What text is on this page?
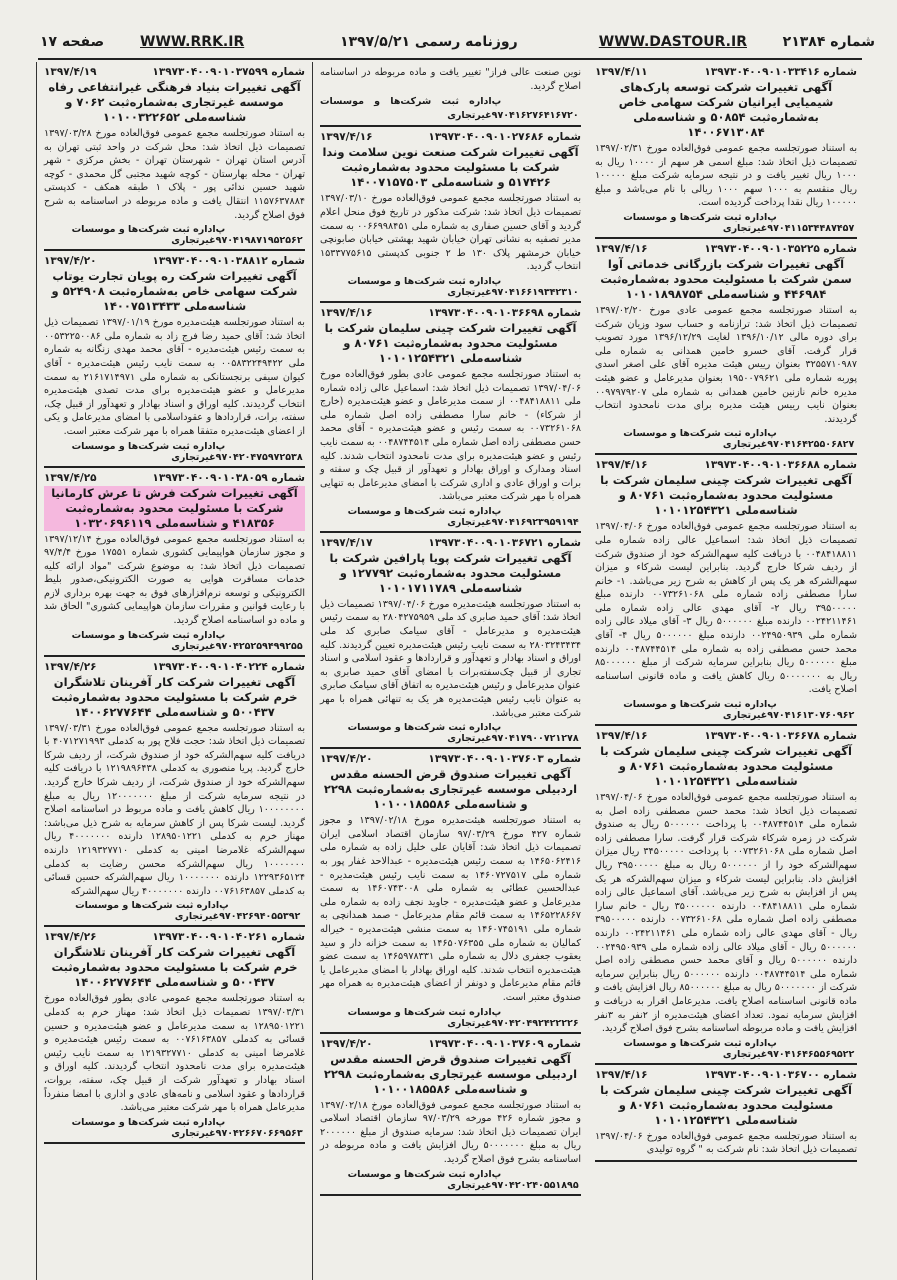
شماره ۲۱۳۸۴
WWW.DASTOUR.IR
روزنامه رسمی ۱۳۹۷/۵/۲۱
WWW.RRK.IR
صفحه ۱۷
شماره ۱۳۹۷۳۰۴۰۰۹۰۱۰۳۳۴۱۶
۱۳۹۷/۴/۱۱
آگهی تغییرات شرکت توسعه پارک‌های شیمیایی ایرانیان شرکت سهامی خاص به‌شماره‌ثبت ۵۰۸۵۴ و شناسه‌ملی ۱۴۰۰۶۷۱۳۰۸۴
به استناد صورتجلسه مجمع عمومی فوق‌العاده مورخ ۱۳۹۷/۰۲/۳۱ تصمیمات ذیل اتخاذ شد: مبلغ اسمی هر سهم از ۱۰۰۰۰ ریال به ۱۰۰۰ ریال تغییر یافت و در نتیجه سرمایه شرکت مبلغ ۱۰۰۰۰۰ ریال منقسم به ۱۰۰۰ سهم ۱۰۰۰ ریالی با نام می‌باشد و مبلغ ۱۰۰۰۰۰ ریال نقدا پرداخت گردیده است.
پ ۹۷۰۴۱۱۵۳۴۴۸۷۴۵۷
اداره ثبت شرکت‌ها و موسسات غیرتجاری
شماره ۱۳۹۷۳۰۴۰۰۹۰۱۰۳۵۲۲۵
۱۳۹۷/۴/۱۶
آگهی تغییرات شرکت بازرگانی خدماتی آوا سمن شرکت با مسئولیت محدود به‌شماره‌ثبت ۴۴۶۹۸۴ و شناسه‌ملی ۱۰۱۰۱۸۹۸۷۵۴
به استناد صورتجلسه مجمع عمومی عادی مورخ ۱۳۹۷/۰۲/۲۰ تصمیمات ذیل اتخاذ شد: ترازنامه و حساب سود وزیان شرکت برای دوره مالی ۱۳۹۶/۱۰/۱۲ لغایت ۱۳۹۶/۱۲/۲۹ مورد تصویب قرار گرفت. آقای خسرو خامین همدانی به شماره ملی ۳۲۵۵۷۱۰۹۸۷ بعنوان رییس هیئت مدیره آقای علی اصغر اسدی پوربه شماره ملی ۱۹۵۰۰۷۹۶۲۱ بعنوان مدیرعامل و عضو هیئت مدیره خانم نازنین خامین همدانی به شماره ملی ۰۰۹۷۹۷۹۲۰۷ بعنوان نایب رییس هیئت مدیره برای مدت نامحدود انتخاب گردیدند.
پ ۹۷۰۴۱۶۴۲۵۵۰۶۸۲۷
اداره ثبت شرکت‌ها و موسسات غیرتجاری
شماره ۱۳۹۷۳۰۴۰۰۹۰۱۰۳۶۶۸۸
۱۳۹۷/۴/۱۶
آگهی تغییرات شرکت چینی سلیمان شرکت با مسئولیت محدود به‌شماره‌ثبت ۸۰۷۶۱ و شناسه‌ملی ۱۰۱۰۱۲۵۴۳۲۱
به استناد صورتجلسه مجمع عمومی فوق‌العاده مورخ ۱۳۹۷/۰۴/۰۶ تصمیمات ذیل اتخاذ شد: اسماعیل عالی زاده شماره ملی ۰۰۴۸۴۱۸۸۱۱ با دریافت کلیه سهم‌الشرکه خود از صندوق شرکت از ردیف شرکا خارج گردید. بنابراین لیست شرکاء و میزان سهم‌الشرکه هر یک پس از کاهش به شرح زیر می‌باشد. ۱- خانم سارا مصطفی زاده شماره ملی ۰۰۷۳۲۶۱۰۶۸ دارنده مبلغ ۳۹۵۰۰۰۰۰ ریال ۲- آقای مهدی عالی زاده شماره ملی ۰۰۲۴۲۱۱۴۶۱ دارنده مبلغ ۵۰۰۰۰۰۰ ریال ۳- آقای میلاد عالی زاده شماره ملی ۰۰۲۴۹۵۰۹۳۹ دارنده مبلغ ۵۰۰۰۰۰۰ ریال ۴- آقای محمد حسن مصطفی زاده به شماره ملی ۰۰۴۸۷۴۴۵۱۴ دارنده مبلغ ۵۰۰۰۰۰۰ ریال بنابراین سرمایه شرکت از مبلغ ۸۵۰۰۰۰۰۰ ریال به ۵۰۰۰۰۰۰۰ ریال کاهش یافت و ماده قانونی اساسنامه اصلاح یافت.
پ ۹۷۰۴۱۶۱۳۰۷۶۰۹۶۲
اداره ثبت شرکت‌ها و موسسات غیرتجاری
شماره ۱۳۹۷۳۰۴۰۰۹۰۱۰۳۶۶۷۸
۱۳۹۷/۴/۱۶
آگهی تغییرات شرکت چینی سلیمان شرکت با مسئولیت محدود به‌شماره‌ثبت ۸۰۷۶۱ و شناسه‌ملی ۱۰۱۰۱۲۵۴۳۲۱
به استناد صورتجلسه مجمع عمومی فوق‌العاده مورخ ۱۳۹۷/۰۴/۰۶ تصمیمات ذیل اتخاذ شد: محمد حسن مصطفی زاده اصل به شماره ملی ۰۰۴۸۷۴۴۵۱۴ با پرداخت ۵۰۰۰۰۰۰ ریال به صندوق شرکت در زمره شرکاء شرکت قرار گرفت. سارا مصطفی زاده اصل شماره ملی ۰۰۷۳۲۶۱۰۶۸ با پرداخت ۳۴۵۰۰۰۰۰ ریال میزان سهم‌الشرکه خود را از ۵۰۰۰۰۰۰ ریال به مبلغ ۳۹۵۰۰۰۰۰ ریال افزایش داد. بنابراین لیست شرکاء و میزان سهم‌الشرکه هر یک پس از افزایش به شرح زیر می‌باشد. آقای اسماعیل عالی زاده شماره ملی ۰۰۴۸۴۱۸۸۱۱ دارنده ۳۵۰۰۰۰۰۰ ریال - خانم سارا مصطفی زاده اصل شماره ملی ۰۰۷۳۲۶۱۰۶۸ دارنده ۳۹۵۰۰۰۰۰ ریال - آقای مهدی عالی زاده شماره ملی ۰۰۲۴۲۱۱۴۶۱ دارنده ۵۰۰۰۰۰۰ ریال - آقای میلاد عالی زاده شماره ملی ۰۰۲۴۹۵۰۹۳۹ دارنده ۵۰۰۰۰۰۰ ریال و آقای محمد حسن مصطفی زاده اصل شماره ملی ۰۰۴۸۷۴۴۵۱۴ دارنده ۵۰۰۰۰۰۰ ریال بنابراین سرمایه شرکت از ۵۰۰۰۰۰۰۰ ریال به مبلغ ۸۵۰۰۰۰۰۰ ریال افزایش یافت و ماده قانونی اساسنامه اصلاح یافت. مدیرعامل اقرار به دریافت و افزایش سرمایه نمود. تعداد اعضای هیئت‌مدیره از ۲نفر به ۳نفر افزایش یافت و ماده مربوطه اساسنامه بشرح فوق اصلاح گردید.
پ ۹۷۰۴۱۶۴۶۵۵۶۹۵۲۲
اداره ثبت شرکت‌ها و موسسات غیرتجاری
شماره ۱۳۹۷۳۰۴۰۰۹۰۱۰۳۶۷۰۰
۱۳۹۷/۴/۱۶
آگهی تغییرات شرکت چینی سلیمان شرکت با مسئولیت محدود به‌شماره‌ثبت ۸۰۷۶۱ و شناسه‌ملی ۱۰۱۰۱۲۵۴۳۲۱
به استناد صورتجلسه مجمع عمومی فوق‌العاده مورخ ۱۳۹۷/۰۴/۰۶ تصمیمات ذیل اتخاذ شد: نام شرکت به " گروه تولیدی
نوین صنعت عالی فراز" تغییر یافت و ماده مربوطه در اساسنامه اصلاح گردید.
پ ۹۷۰۴۱۶۲۷۶۴۱۶۷۲۰
اداره ثبت شرکت‌ها و موسسات غیرتجاری
شماره ۱۳۹۷۳۰۴۰۰۹۰۱۰۲۷۶۸۶
۱۳۹۷/۴/۱۶
آگهی تغییرات شرکت صنعت نوین سلامت وندا شرکت با مسئولیت محدود به‌شماره‌ثبت ۵۱۷۴۲۶ و شناسه‌ملی ۱۴۰۰۷۱۵۷۵۰۳
به استناد صورتجلسه مجمع عمومی فوق‌العاده مورخ ۱۳۹۷/۰۳/۱۰ تصمیمات ذیل اتخاذ شد: شرکت مذکور در تاریخ فوق منحل اعلام گردید و آقای حسین صفاری به شماره ملی ۰۰۶۶۹۹۸۴۵۱ به سمت مدیر تصفیه به نشانی تهران خیابان شهید بهشتی خیابان صابونچی خیابان خرمشهر پلاک ۱۳۰ ط ۲ جنوبی کدپستی ۱۵۳۳۷۷۵۶۱۵ انتخاب گردید.
پ ۹۷۰۴۱۶۶۱۹۳۴۲۳۱۰
اداره ثبت شرکت‌ها و موسسات غیرتجاری
شماره ۱۳۹۷۳۰۴۰۰۹۰۱۰۳۶۶۹۸
۱۳۹۷/۴/۱۶
آگهی تغییرات شرکت چینی سلیمان شرکت با مسئولیت محدود به‌شماره‌ثبت ۸۰۷۶۱ و شناسه‌ملی ۱۰۱۰۱۲۵۴۳۲۱
به استناد صورتجلسه مجمع عمومی عادی بطور فوق‌العاده مورخ ۱۳۹۷/۰۴/۰۶ تصمیمات ذیل اتخاذ شد: اسماعیل عالی زاده شماره ملی ۰۰۴۸۴۱۸۸۱۱ از سمت مدیرعامل و عضو هیئت‌مدیره (خارج از شرکاء) - خانم سارا مصطفی زاده اصل شماره ملی ۰۰۷۳۲۶۱۰۶۸ به سمت رئیس و عضو هیئت‌مدیره - آقای محمد حسن مصطفی زاده اصل شماره ملی ۰۰۴۸۷۴۴۵۱۴ به سمت نایب رئیس و عضو هیئت‌مدیره برای مدت نامحدود انتخاب شدند. کلیه اسناد ومدارک و اوراق بهادار و تعهدآور از قبیل چک و سفته و برات و اوراق عادی و اداری شرکت با امضای مدیرعامل به تنهایی همراه با مهر شرکت معتبر می‌باشد.
پ ۹۷۰۴۱۶۹۲۳۹۵۹۱۹۴
اداره ثبت شرکت‌ها و موسسات غیرتجاری
شماره ۱۳۹۷۳۰۴۰۰۹۰۱۰۳۶۷۲۱
۱۳۹۷/۴/۱۷
آگهی تغییرات شرکت پویا پارافین شرکت با مسئولیت محدود به‌شماره‌ثبت ۱۲۷۷۹۲ و شناسه‌ملی ۱۰۱۰۱۷۱۱۷۸۹
به استناد صورتجلسه هیئت‌مدیره مورخ ۱۳۹۷/۰۴/۰۶ تصمیمات ذیل اتخاذ شد: آقای حمید صابری کد ملی ۲۸۰۴۲۷۵۹۵۹ به سمت رئیس هیئت‌مدیره و مدیرعامل - آقای سیامک صابری کد ملی ۲۸۰۳۲۴۳۴۳۴ به سمت نایب رئیس هیئت‌مدیره تعیین گردیدند. کلیه اوراق و اسناد بهادار و تعهدآور و قراردادها و عقود اسلامی و اسناد تجاری از قبیل چک‌سفته‌برات با امضای آقای حمید صابری به عنوان مدیرعامل و رئیس هیئت‌مدیره به اتفاق آقای سیامک صابری به عنوان نایب رئیس هیئت‌مدیره هر یک به تنهائی همراه با مهر شرکت معتبر می‌باشد.
پ ۹۷۰۴۱۷۹۰۰۷۲۱۲۷۸
اداره ثبت شرکت‌ها و موسسات غیرتجاری
شماره ۱۳۹۷۳۰۴۰۰۹۰۱۰۳۷۶۰۳
۱۳۹۷/۴/۲۰
آگهی تغییرات صندوق قرض الحسنه مقدس اردبیلی موسسه غیرتجاری به‌شماره‌ثبت ۲۲۹۸ و شناسه‌ملی ۱۰۱۰۰۱۸۵۵۸۶
به استناد صورتجلسه هیئت‌مدیره مورخ ۱۳۹۷/۰۲/۱۸ و مجوز شماره ۴۲۷ مورخ ۹۷/۰۳/۲۹ سازمان اقتصاد اسلامی ایران تصمیمات ذیل اتخاذ شد: آقایان علی خلیل زاده به شماره ملی ۱۴۶۵۰۶۲۴۱۶ به سمت رئیس هیئت‌مدیره - عبدالاحد غفار پور به شماره ملی ۱۴۶۰۷۲۷۵۱۷ به سمت نایب رئیس هیئت‌مدیره - عبدالحسین عطائی به شماره ملی ۱۴۶۰۷۴۳۰۰۸ به سمت مدیرعامل و عضو هیئت‌مدیره - جاوید نجف زاده به شماره ملی ۱۴۶۵۲۲۸۶۶۷ به سمت قائم مقام مدیرعامل - صمد همدانچی به شماره ملی ۱۴۶۰۷۴۵۱۹۱ به سمت منشی هیئت‌مدیره - خیراله کمالیان به شماره ملی ۱۴۶۵۰۷۶۳۵۵ به سمت خزانه دار و سید یعقوب جعفری دلال به شماره ملی ۱۴۶۵۹۷۸۳۳۱ به سمت عضو هیئت‌مدیره انتخاب شدند. کلیه اوراق بهادار با امضای مدیرعامل یا قائم مقام مدیرعامل و دونفر از اعضای هیئت‌مدیره به همراه مهر صندوق معتبر است.
پ ۹۷۰۴۲۰۴۹۲۴۲۲۲۲۶
اداره ثبت شرکت‌ها و موسسات غیرتجاری
شماره ۱۳۹۷۳۰۴۰۰۹۰۱۰۳۷۶۰۹
۱۳۹۷/۴/۲۰
آگهی تغییرات صندوق قرض الحسنه مقدس اردبیلی موسسه غیرتجاری به‌شماره‌ثبت ۲۲۹۸ و شناسه‌ملی ۱۰۱۰۰۱۸۵۵۸۶
به استناد صورتجلسه مجمع عمومی فوق‌العاده مورخ ۱۳۹۷/۰۲/۱۸ و مجوز شماره ۴۲۶ مورخه ۹۷/۰۳/۲۹ سازمان اقتصاد اسلامی ایران تصمیمات ذیل اتخاذ شد: سرمایه صندوق از مبلغ ۲۰۰۰۰۰۰ ریال به مبلغ ۵۰۰۰۰۰۰۰ ریال افزایش یافت و ماده مربوطه در اساسنامه بشرح فوق اصلاح گردید.
پ ۹۷۰۴۲۰۲۴۰۵۵۱۸۹۵
اداره ثبت شرکت‌ها و موسسات غیرتجاری
شماره ۱۳۹۷۳۰۴۰۰۹۰۱۰۳۷۵۹۹
۱۳۹۷/۴/۱۹
آگهی تغییرات بنیاد فرهنگی غیرانتفاعی رفاه موسسه غیرتجاری به‌شماره‌ثبت ۷۰۶۲ و شناسه‌ملی ۱۰۱۰۰۳۲۲۶۵۲
به استناد صورتجلسه مجمع عمومی فوق‌العاده مورخ ۱۳۹۷/۰۳/۲۸ تصمیمات ذیل اتخاذ شد: محل شرکت در واحد ثبتی تهران به آدرس استان تهران - شهرستان تهران - بخش مرکزی - شهر تهران - محله بهارستان - کوچه شهید مجتبی گل محمدی - کوچه شهید حسین ندائی پور - پلاک ۱ طبقه همکف - کدپستی ۱۱۵۷۶۳۷۸۸۴ انتقال یافت و ماده مربوطه در اساسنامه به شرح فوق اصلاح گردید.
پ ۹۷۰۴۱۹۸۷۱۹۵۲۵۶۲
اداره ثبت شرکت‌ها و موسسات غیرتجاری
شماره ۱۳۹۷۳۰۴۰۰۹۰۱۰۳۸۸۱۲
۱۳۹۷/۴/۲۰
آگهی تغییرات شرکت ره پویان تجارت یوتاب شرکت سهامی خاص به‌شماره‌ثبت ۵۲۴۹۰۸ و شناسه‌ملی ۱۴۰۰۷۵۱۳۴۳۳
به استناد صورتجلسه هیئت‌مدیره مورخ ۱۳۹۷/۰۱/۱۹ تصمیمات ذیل اتخاذ شد: آقای حمید رضا فرج زاد به شماره ملی ۰۰۵۳۲۲۵۰۰۸۶ به سمت رئیس هیئت‌مدیره - آقای محمد مهدی زنگانه به شماره ملی ۰۰۵۸۳۲۲۴۹۴۲۲ به سمت نایب رئیس هیئت‌مدیره - آقای کیوان سیفی برنجستانکی به شماره ملی ۲۱۶۱۷۱۴۹۷۱ به سمت مدیرعامل و عضو هیئت‌مدیره برای مدت تصدی هیئت‌مدیره انتخاب گردیدند. کلیه اوراق و اسناد بهادار و تعهدآور از قبیل چک، سفته، برات، قراردادها و عقوداسلامی با امضای مدیرعامل و یکی از اعضای هیئت‌مدیره متفقا همراه با مهر شرکت معتبر است.
پ ۹۷۰۴۲۰۴۷۵۹۷۲۵۳۸
اداره ثبت شرکت‌ها و موسسات غیرتجاری
شماره ۱۳۹۷۳۰۴۰۰۹۰۱۰۳۸۰۵۹
۱۳۹۷/۴/۲۵
آگهی تغییرات شرکت فرش تا عرش کارمانیا شرکت با مسئولیت محدود به‌شماره‌ثبت ۴۱۸۳۵۶ و شناسه‌ملی ۱۰۳۲۰۶۹۶۱۱۹
به استناد صورتجلسه مجمع عمومی فوق‌العاده مورخ ۱۳۹۷/۱۲/۱۴ و مجوز سازمان هواپیمایی کشوری شماره ۱۷۵۵۱ مورخ ۹۷/۴/۴ تصمیمات ذیل اتخاذ شد: به موضوع شرکت "مواد ارائه کلیه خدمات مسافرت هوایی به صورت الکترونیکی،صدور بلیط الکترونیکی و توسعه نرم‌افزارهای فوق به جهت بهره برداری لازم با رعایت قوانین و مقررات سازمان هواپیمایی کشوری" الحاق شد و ماده دو اساسنامه اصلاح گردید.
پ ۹۷۰۴۲۵۲۵۹۴۹۹۲۵۵
اداره ثبت شرکت‌ها و موسسات غیرتجاری
شماره ۱۳۹۷۳۰۴۰۰۹۰۱۰۴۰۲۲۴
۱۳۹۷/۴/۲۶
آگهی تغییرات شرکت کار آفرینان تلاشگران خرم شرکت با مسئولیت محدود به‌شماره‌ثبت ۵۰۰۴۳۷ و شناسه‌ملی ۱۴۰۰۶۲۷۷۶۴۴
به استناد صورتجلسه مجمع عمومی فوق‌العاده مورخ ۱۳۹۷/۰۳/۳۱ تصمیمات ذیل اتخاذ شد: حجت فلاح پور به کدملی ۴۰۷۱۲۷۱۹۹۳ با دریافت کلیه سهم‌الشرکه خود از صندوق شرکت، از ردیف شرکا خارج گردید. پریا منصوری به کدملی ۱۲۱۹۸۹۶۴۳۸ با دریافت کلیه سهم‌الشرکه خود از صندوق شرکت، از ردیف شرکا خارج گردید. در نتیجه سرمایه شرکت از مبلغ ۱۲۰۰۰۰۰۰۰ ریال به مبلغ ۱۰۰۰۰۰۰۰۰ ریال کاهش یافت و ماده مربوط در اساسنامه اصلاح گردید. لیست شرکا پس از کاهش سرمایه به شرح ذیل می‌باشد: مهناز خرم به کدملی ۱۲۸۹۵۰۱۲۲۱ دارنده ۴۰۰۰۰۰۰۰ ریال سهم‌الشرکه غلامرضا امینی به کدملی ۱۲۱۹۳۲۷۷۱۰ دارنده ۱۰۰۰۰۰۰۰ ریال سهم‌الشرکه محسن رضایت به کدملی ۱۲۲۹۳۶۵۱۲۴ دارنده ۱۰۰۰۰۰۰۰ ریال سهم‌الشرکه حسین قسائی به کدملی ۰۰۷۶۱۶۳۸۵۷ دارنده ۴۰۰۰۰۰۰۰ ریال سهم‌الشرکه
پ ۹۷۰۴۲۶۹۴۰۵۵۳۹۲
اداره ثبت شرکت‌ها و موسسات غیرتجاری
شماره ۱۳۹۷۳۰۴۰۰۹۰۱۰۴۰۲۶۱
۱۳۹۷/۴/۲۶
آگهی تغییرات شرکت کار آفرینان تلاشگران خرم شرکت با مسئولیت محدود به‌شماره‌ثبت ۵۰۰۴۳۷ و شناسه‌ملی ۱۴۰۰۶۲۷۷۶۴۴
به استناد صورتجلسه مجمع عمومی عادی بطور فوق‌العاده مورخ ۱۳۹۷/۰۳/۳۱ تصمیمات ذیل اتخاذ شد: مهناز خرم به کدملی ۱۲۸۹۵۰۱۲۲۱ به سمت مدیرعامل و عضو هیئت‌مدیره و حسین قسائی به کدملی ۰۰۷۶۱۶۳۸۵۷ به سمت رئیس هیئت‌مدیره و غلامرضا امینی به کدملی ۱۲۱۹۳۲۷۷۱۰ به سمت نایب رئیس هیئت‌مدیره برای مدت نامحدود انتخاب گردیدند. کلیه اوراق و اسناد بهادار و تعهدآور شرکت از قبیل چک، سفته، بروات، قراردادها و عقود اسلامی و نامه‌های عادی و اداری با امضا منفرداً مدیرعامل همراه با مهر شرکت معتبر می‌باشد.
پ ۹۷۰۴۲۶۶۷۰۶۶۹۵۶۳
اداره ثبت شرکت‌ها و موسسات غیرتجاری
